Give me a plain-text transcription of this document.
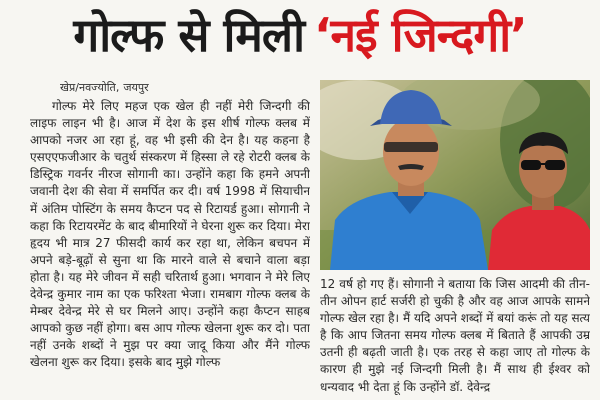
गोल्फ से मिली ‘नई जिन्दगी’
खेप्र/नवज्योति, जयपुर

गोल्फ मेरे लिए महज एक खेल ही नहीं मेरी जिन्दगी की लाइफ लाइन भी है। आज में देश के इस शीर्ष गोल्फ क्लब में आपको नजर आ रहा हूं, वह भी इसी की देन है। यह कहना है एसएएफजीआर के चतुर्थ संस्करण में हिस्सा ले रहे रोटरी क्लब के डिस्ट्रिक गवर्नर नीरज सोगानी का। उन्होंने कहा कि हमने अपनी जवानी देश की सेवा में समर्पित कर दी। वर्ष 1998 में सियाचीन में अंतिम पोस्टिंग के समय कैप्टन पद से रिटायर्ड हुआ। सोगानी ने कहा कि रिटायरमेंट के बाद बीमारियों ने घेरना शुरू कर दिया। मेरा हृदय भी मात्र 27 फीसदी कार्य कर रहा था, लेकिन बचपन में अपने बड़े-बूढ़ों से सुना था कि मारने वाले से बचाने वाला बड़ा होता है। यह मेरे जीवन में सही चरितार्थ हुआ। भगवान ने मेरे लिए देवेन्द्र कुमार नाम का एक फरिश्ता भेजा। रामबाग गोल्फ क्लब के मेम्बर देवेन्द्र मेरे से घर मिलने आए। उन्होंने कहा कैप्टन साहब आपको कुछ नहीं होगा। बस आप गोल्फ खेलना शुरू कर दो। पता नहीं उनके शब्दों ने मुझ पर क्या जादू किया और मैंने गोल्फ खेलना शुरू कर दिया। इसके बाद मुझे गोल्फ

12 वर्ष हो गए हैं। सोगानी ने बताया कि जिस आदमी की तीन-तीन ओपन हार्ट सर्जरी हो चुकी है और वह आज आपके सामने गोल्फ खेल रहा है। मैं यदि अपने शब्दों में बयां करूं तो यह सत्य है कि आप जितना समय गोल्फ क्लब में बिताते हैं आपकी उम्र उतनी ही बढ़ती जाती है। एक तरह से कहा जाए तो गोल्फ के कारण ही मुझे नई जिन्दगी मिली है। मैं साथ ही ईश्वर को धन्यवाद भी देता हूं कि उन्होंने डॉ. देवेन्द्र
